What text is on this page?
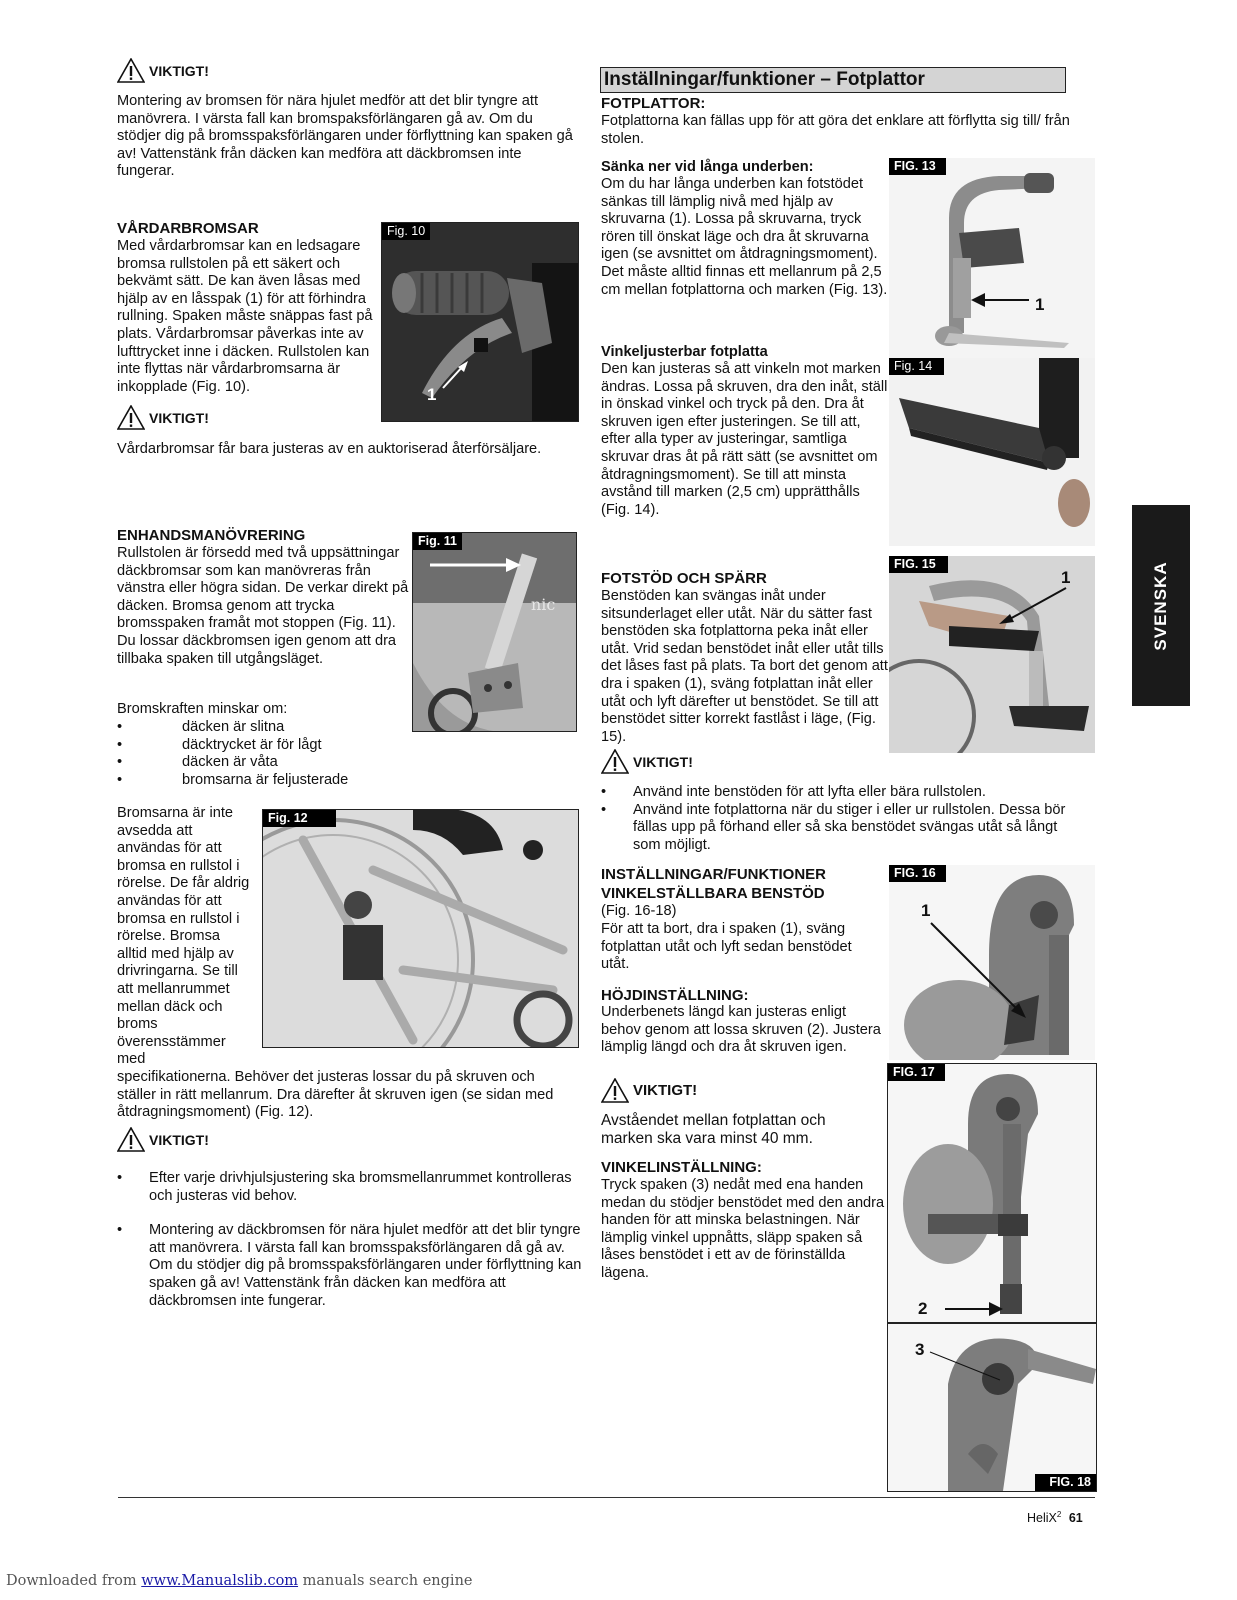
VIKTIGT!

Montering av bromsen för nära hjulet medför att det blir tyngre att manövrera. I värsta fall kan bromspaksförlängaren gå av. Om du stödjer dig på bromsspaksförlängaren under förflyttning kan spaken gå av! Vattenstänk från däcken kan medföra att däckbromsen inte fungerar.

VÅRDARBROMSAR

Med vårdarbromsar kan en ledsagare bromsa rullstolen på ett säkert och bekvämt sätt. De kan även låsas med hjälp av en låsspak (1) för att förhindra rullning. Spaken måste snäppas fast på plats. Vårdarbromsar påverkas inte av lufttrycket inne i däcken. Rullstolen kan inte flyttas när vårdarbromsarna är inkopplade (Fig. 10).

Fig. 10
1
VIKTIGT!

Vårdarbromsar får bara justeras av en auktoriserad återförsäljare.

ENHANDSMANÖVRERING

Rullstolen är försedd med två uppsättningar däckbromsar som kan manövreras från vänstra eller högra sidan. De verkar direkt på däcken. Bromsa genom att trycka bromsspaken framåt mot stoppen (Fig. 11). Du lossar däckbromsen igen genom att dra tillbaka spaken till utgångsläget.

Fig. 11
nic

Bromskraften minskar om:

•	däcken är slitna
•	däcktrycket är för lågt
•	däcken är våta
•	bromsarna är feljusterade
Bromsarna är inte
avsedda att
användas för att
bromsa en rullstol i
rörelse. De får aldrig
användas för att
bromsa en rullstol i
rörelse. Bromsa
alltid med hjälp av
drivringarna. Se till
att mellanrummet
mellan däck och
broms
överensstämmer
med

specifikationerna. Behöver det justeras lossar du på skruven och ställer in rätt mellanrum. Dra därefter åt skruven igen (se sidan med åtdragningsmoment) (Fig. 12).

Fig. 12
VIKTIGT!
•	Efter varje drivhjulsjustering ska bromsmellanrummet kontrolleras och justeras vid behov.
•	Montering av däckbromsen för nära hjulet medför att det blir tyngre att manövrera. I värsta fall kan bromsspaksförlängaren då gå av. Om du stödjer dig på bromsspaksförlängaren under förflyttning kan spaken gå av! Vattenstänk från däcken kan medföra att däckbromsen inte fungerar.
Inställningar/funktioner – Fotplattor

FOTPLATTOR:

Fotplattorna kan fällas upp för att göra det enklare att förflytta sig till/ från stolen.

Sänka ner vid långa underben:

Om du har långa underben kan fotstödet sänkas till lämplig nivå med hjälp av skruvarna (1). Lossa på skruvarna, tryck rören till önskat läge och dra åt skruvarna igen (se avsnittet om åtdragningsmoment). Det måste alltid finnas ett mellanrum på 2,5 cm mellan fotplattorna och marken (Fig. 13).

FIG. 13
1

Vinkeljusterbar fotplatta

Den kan justeras så att vinkeln mot marken ändras. Lossa på skruven, dra den inåt, ställ in önskad vinkel och tryck på den. Dra åt skruven igen efter justeringen. Se till att, efter alla typer av justeringar, samtliga skruvar dras åt på rätt sätt (se avsnittet om åtdragningsmoment). Se till att minsta avstånd till marken (2,5 cm) upprätthålls (Fig. 14).

Fig. 14

FOTSTÖD OCH SPÄRR

Benstöden kan svängas inåt under sitsunderlaget eller utåt. När du sätter fast benstöden ska fotplattorna peka inåt eller utåt. Vrid sedan benstödet inåt eller utåt tills det låses fast på plats. Ta bort det genom att dra i spaken (1), sväng fotplattan inåt eller utåt och lyft därefter ut benstödet. Se till att benstödet sitter korrekt fastlåst i läge, (Fig. 15).

FIG. 15
1
VIKTIGT!
•	Använd inte benstöden för att lyfta eller bära rullstolen.
•	Använd inte fotplattorna när du stiger i eller ur rullstolen. Dessa bör fällas upp på förhand eller så ska benstödet svängas utåt så långt som möjligt.

INSTÄLLNINGAR/FUNKTIONER

VINKELSTÄLLBARA BENSTÖD

(Fig. 16-18)

För att ta bort, dra i spaken (1), sväng fotplattan utåt och lyft sedan benstödet utåt.

HÖJDINSTÄLLNING:

Underbenets längd kan justeras enligt behov genom att lossa skruven (2). Justera lämplig längd och dra åt skruven igen.

VIKTIGT!

Avståendet mellan fotplattan och marken ska vara minst 40 mm.

VINKELINSTÄLLNING:

Tryck spaken (3) nedåt med ena handen medan du stödjer benstödet med den andra handen för att minska belastningen. När lämplig vinkel uppnåtts, släpp spaken så låses benstödet i ett av de förinställda lägena.

FIG. 16
1
FIG. 17
2
3
FIG. 18
SVENSKA
HeliX$^2$ 61
Downloaded from www.Manualslib.com manuals search engine
